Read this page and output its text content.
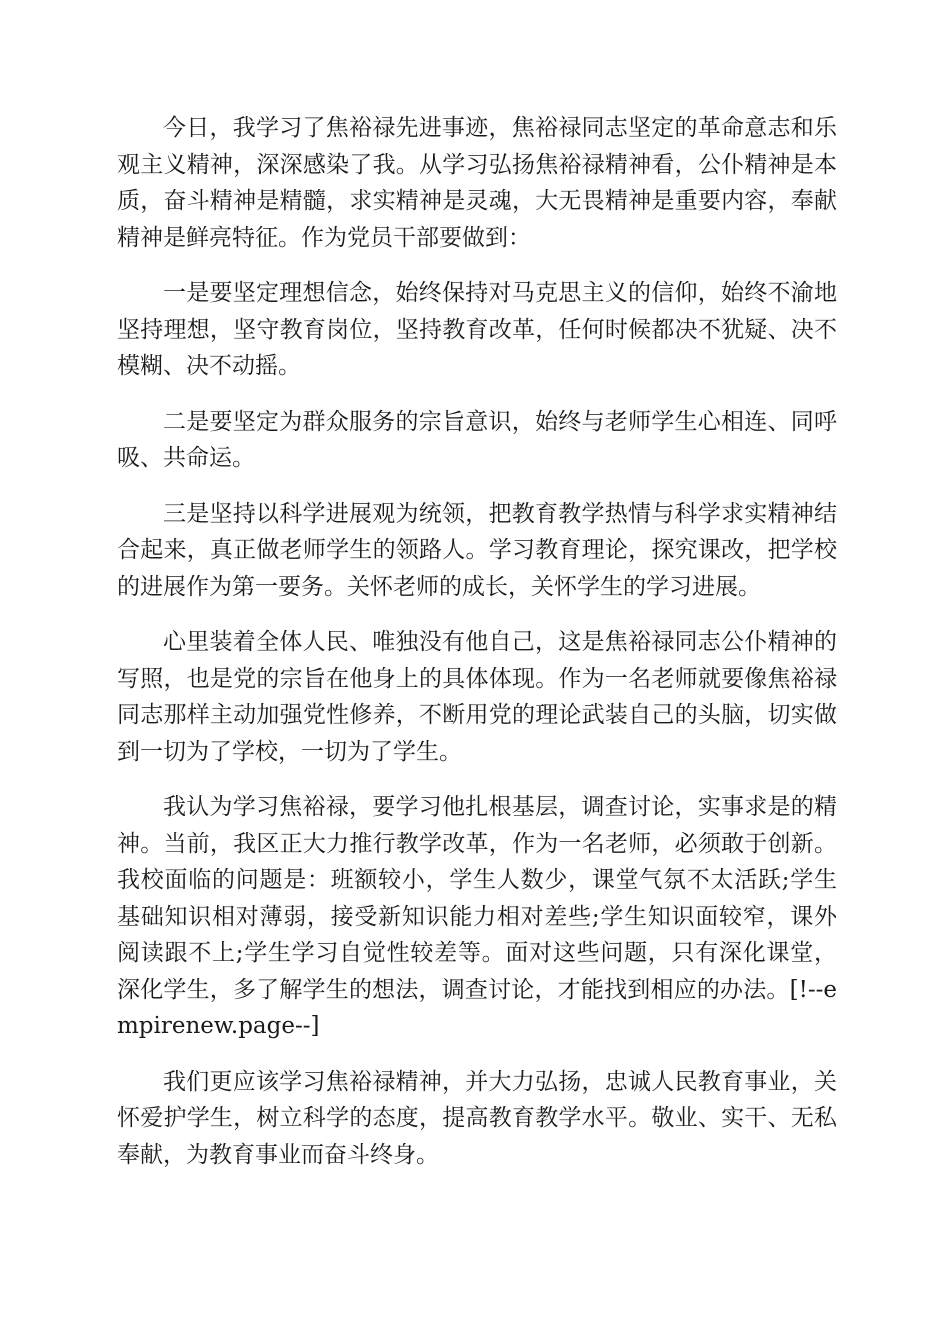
今日，我学习了焦裕禄先进事迹，焦裕禄同志坚定的革命意志和乐观主义精神，深深感染了我。从学习弘扬焦裕禄精神看，公仆精神是本质，奋斗精神是精髓，求实精神是灵魂，大无畏精神是重要内容，奉献精神是鲜亮特征。作为党员干部要做到：

一是要坚定理想信念，始终保持对马克思主义的信仰，始终不渝地坚持理想，坚守教育岗位，坚持教育改革，任何时候都决不犹疑、决不模糊、决不动摇。

二是要坚定为群众服务的宗旨意识，始终与老师学生心相连、同呼吸、共命运。

三是坚持以科学进展观为统领，把教育教学热情与科学求实精神结合起来，真正做老师学生的领路人。学习教育理论，探究课改，把学校的进展作为第一要务。关怀老师的成长，关怀学生的学习进展。

心里装着全体人民、唯独没有他自己，这是焦裕禄同志公仆精神的写照，也是党的宗旨在他身上的具体体现。作为一名老师就要像焦裕禄同志那样主动加强党性修养，不断用党的理论武装自己的头脑，切实做到一切为了学校，一切为了学生。

我认为学习焦裕禄，要学习他扎根基层，调查讨论，实事求是的精神。当前，我区正大力推行教学改革，作为一名老师，必须敢于创新。我校面临的问题是：班额较小，学生人数少，课堂气氛不太活跃;学生基础知识相对薄弱，接受新知识能力相对差些;学生知识面较窄，课外阅读跟不上;学生学习自觉性较差等。面对这些问题，只有深化课堂，深化学生，多了解学生的想法，调查讨论，才能找到相应的办法。[!--empirenew.page--]

我们更应该学习焦裕禄精神，并大力弘扬，忠诚人民教育事业，关怀爱护学生，树立科学的态度，提高教育教学水平。敬业、实干、无私奉献，为教育事业而奋斗终身。
